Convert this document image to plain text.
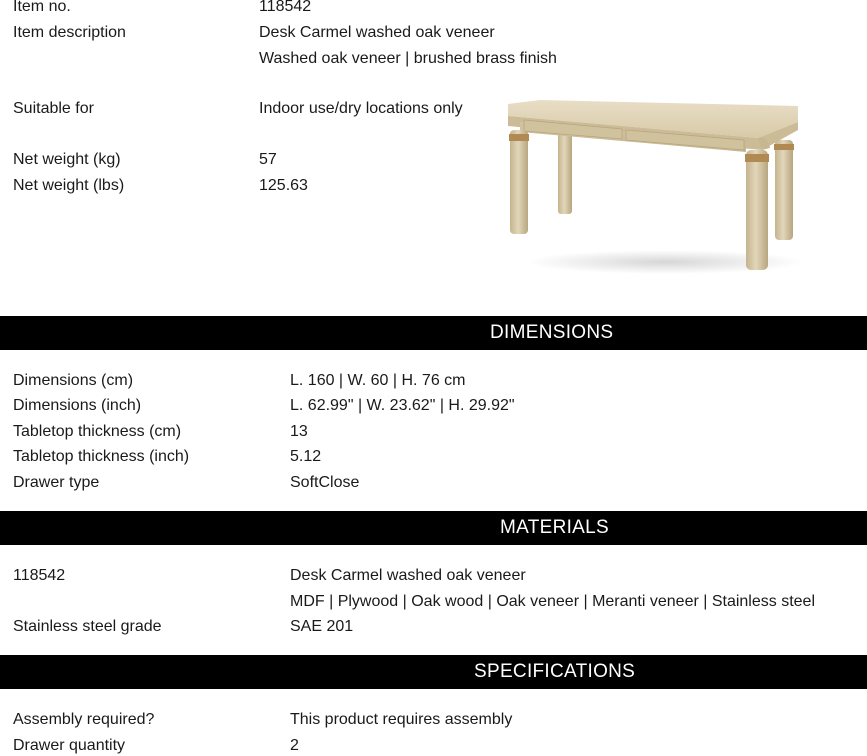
Item no.	118542
Item description	Desk Carmel washed oak veneer
Washed oak veneer | brushed brass finish
Suitable for	Indoor use/dry locations only
Net weight (kg)	57
Net weight (lbs)	125.63
DIMENSIONS
Dimensions (cm)	L. 160 | W. 60 | H. 76 cm
Dimensions (inch)	L. 62.99" | W. 23.62" | H. 29.92"
Tabletop thickness (cm)	13
Tabletop thickness (inch)	5.12
Drawer type	SoftClose
MATERIALS
118542	Desk Carmel washed oak veneer
MDF | Plywood | Oak wood | Oak veneer | Meranti veneer | Stainless steel
Stainless steel grade	SAE 201
SPECIFICATIONS
Assembly required?	This product requires assembly
Drawer quantity	2
